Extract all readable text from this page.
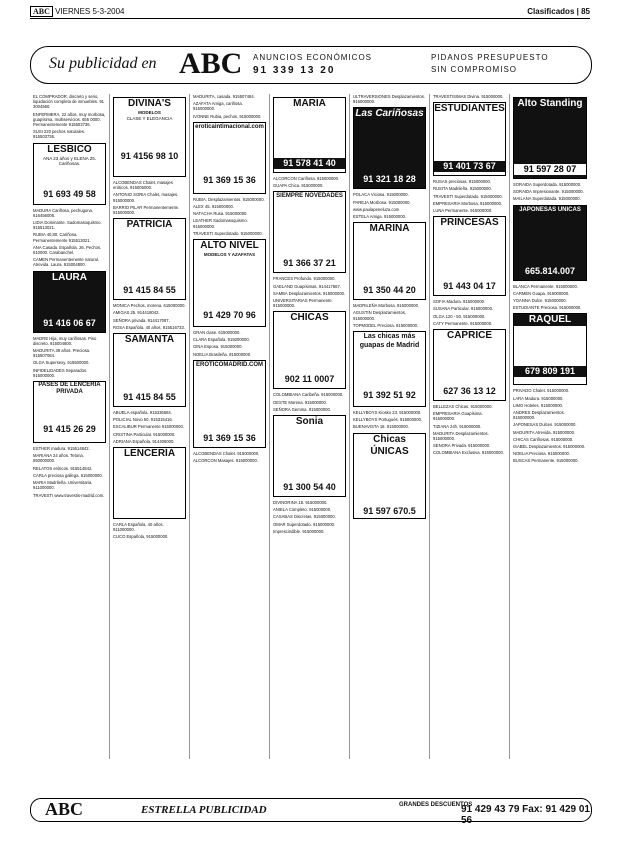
ABC VIERNES 5-3-2004	Clasificados | 85
Su publicidad en ABC ANUNCIOS ECONÓMICOS
91 339 13 20
PIDANOS PRESUPUESTO
SIN COMPROMISO

EL COMPRADOR, discreto y serio, liquidación completa de inmuebles. 91 3004560.

ENFERMERA, 22 años, muy morbosa, guapísima, multiservicios. 655 0000. Permanentemente 915503736.

SUSI 220 pechos naturales. 915503736.

LESBICO
ANA 23 años y ELENA 25. Cariñosas.
91 693 49 58

MADURA Cariñosa, pechugona. 616456006.

LIDIA Dominante. Sadomasoquismo. 915513021.

RUBIA 40,80. Cariñosa. Permanentemente 915513021.

ANA Casada. Española. 26. Pechos. 610000. Carabanchel.

CAMEN Permanentemente natural. Atrevida. Laura. 915004800.

LAURA
91 416 06 67

MADRE Hija, muy cariñosas. Piso discreto. 915004800.

MADURITA 39 años. Preciosa. 915507084.

OLGA Supersexy. 615500000.

INFIDELIDADES Separados. 915000000.

PASES DE LENCERÍA PRIVADA
91 415 26 29

ESTHER madura. 915514842.

MARIANA 24 años. Tetona. 650000000.

RELATOS eróticos. 915514842.

CARLA preciosa gallega. 615000000.

MARIA Madrileña. Universitaria. 911000000.

TRAVESTI www.travestis-madrid.com.

DIVINA'S
MODELOS
CLASE Y ELEGANCIA
91 4156 98 10

ALCOBENDAS Chalet, masajes eróticos. 915005000.

ANTONIO SORIA Chalet, masajes. 915000000.

BARRIO PILAR Permanentemente. 915000000.

PATRICIA
91 415 84 55

MONICA Pechos, morena. 615000000.

AMIGAS 25. 914418042.

SEÑORA privada. 914417087.

ROSA Española. 40 años. 915516733.

SAMANTA
91 415 84 55

ABUELA española. 915336684.

POLICIAL Novo 50. 915315416.

ESCALIBUR Permanente 915000000.

CRISTINA Particular. 915000000.

ADRIANA Española. 914406000.

LENCERÍA

CARLA Española, 40 años. 911000000.

CUCO Española, 915000000.

MADURITA, casada. 915507484.

AZAFATA Amiga, cariñosa. 915000000.

IVONNE Rubia, pechos. 915000000.

eroticaintimacional.com
91 369 15 36

RUBIA. Desplazamientos. 915000000.

ALEX 45. 915000000.

NATACHA Rusa. 915000000.

LEATHER Sadomasoquismo. 915000000.

TRAVESTI Superdotado. 915000000.

ALTO NIVEL
MODELOS Y AZAFATAS
91 429 70 96

GRAN clase. 615000000.

CLARA Española. 915000000.

GINA Esposa. 915000000.

NOELIA Brasileña. 915000000.

EROTICOMADRID.COM
91 369 15 36

ALCOBENDAS Chalet. 915000000.

ALCORCON Masajes. 915000000.

MARIA
91 578 41 40

ALCORCON Cariñosa. 915000000.

GUAPA Chica. 915000000.

SIEMPRE NOVEDADES
91 366 37 21

FRANCES Profundo. 915000000.

GAELAND Guapísimas. 914417667.

SAMBA Desplazamientos. 915000000.

UNIVERSITARIAS Permanente. 915000000.

CHICAS
902 11 0007

COLOMBIANA Caribeña. 915000000.

OESTE Morena. 915000000.

SEÑORA Gemma. 915000000.

Sonia
91 300 54 40

DIVINORINA 18. 915000000.

ANIELA Completo. 915000000.

CASABAS Discretas. 915000000.

OMAR Superdotado. 915000000.

Imprescindible. 915000000.

ULTRAVERSIONES Desplazamientos. 915000000.

Las Cariñosas
91 321 18 28

POLACA Viciosa. 915000000.

PAREJA Morbosa. 915000000.

www.paulapeneluza.com

ESTELA Amiga. 915000000.

MARINA
91 350 44 20

MADRILEÑA Morbosa. 915000000.

AGUSTIN Desplazamientos. 915000000.

TOPMODEL Preciosa. 915000000.

Las chicas más guapas de Madrid
91 392 51 92

KELLYBOYS Kiosko 23. 915000000.

KELLYBOYS Portugués. 915000000.

BUENAVISTA 18. 915000000.

Chicas ÚNICAS
91 597 670.5

TRAVESTISIMAS Divina. 915000000.

ESTUDIANTES
91 401 73 67

RUSAS preciosas. 915000000.

RUSITA Madrileña. 915000000.

TRAVESTI Superdotado. 915000000.

EMPRESARIA Morbosa. 915000000.

LUNA Permanente. 915000000.

PRINCESAS
91 443 04 17

SOFIA Madura. 915000000.

SUSANA Particular. 915000000.

OLGA 120 - 50. 915000000.

CATY Permanente. 915000000.

CAPRICE
627 36 13 12

BELLEZAS Chicas. 915000000.

EMPRESARIA Guapísima. 915000000.

TIZIANA 24h. 915000000.

MADURITA Desplazamientos. 915000000.

SENORA Privada. 915000000.

COLOMBIANA Exclusiva. 915000000.

Alto Standing
91 597 28 07

SORAIDA Superdotada. 915000000.

SORAIDA Impresionante. 915000000.

MAILANA Superdotada. 915000000.

JAPONESAS ÚNICAS
665.814.007

BLANCA Permanente. 915000000.

CARMEN Guapa. 915000000.

YOANNA Dulce. 915000000.

ESTUDIANTE Preciosa. 915000000.

RAQUEL
679 809 191

PRIVADO Chalet. 915000000.

LARA Madura. 915000000.

LIMO Hoteles. 915000000.

ANDRES Desplazamientos. 915000000.

JAPONESAS Dulces. 915000000.

MADURITA Atrevida. 915000000.

CHICAS Cariñosas. 915000000.

ISABEL Desplazamientos. 915000000.

NOELIA Preciosa. 915000000.

BUSCAS Permanente. 915000000.

ABC	ESTRELLA PUBLICIDAD	GRANDES DESCUENTOS
91 429 43 79 Fax: 91 429 01 56
